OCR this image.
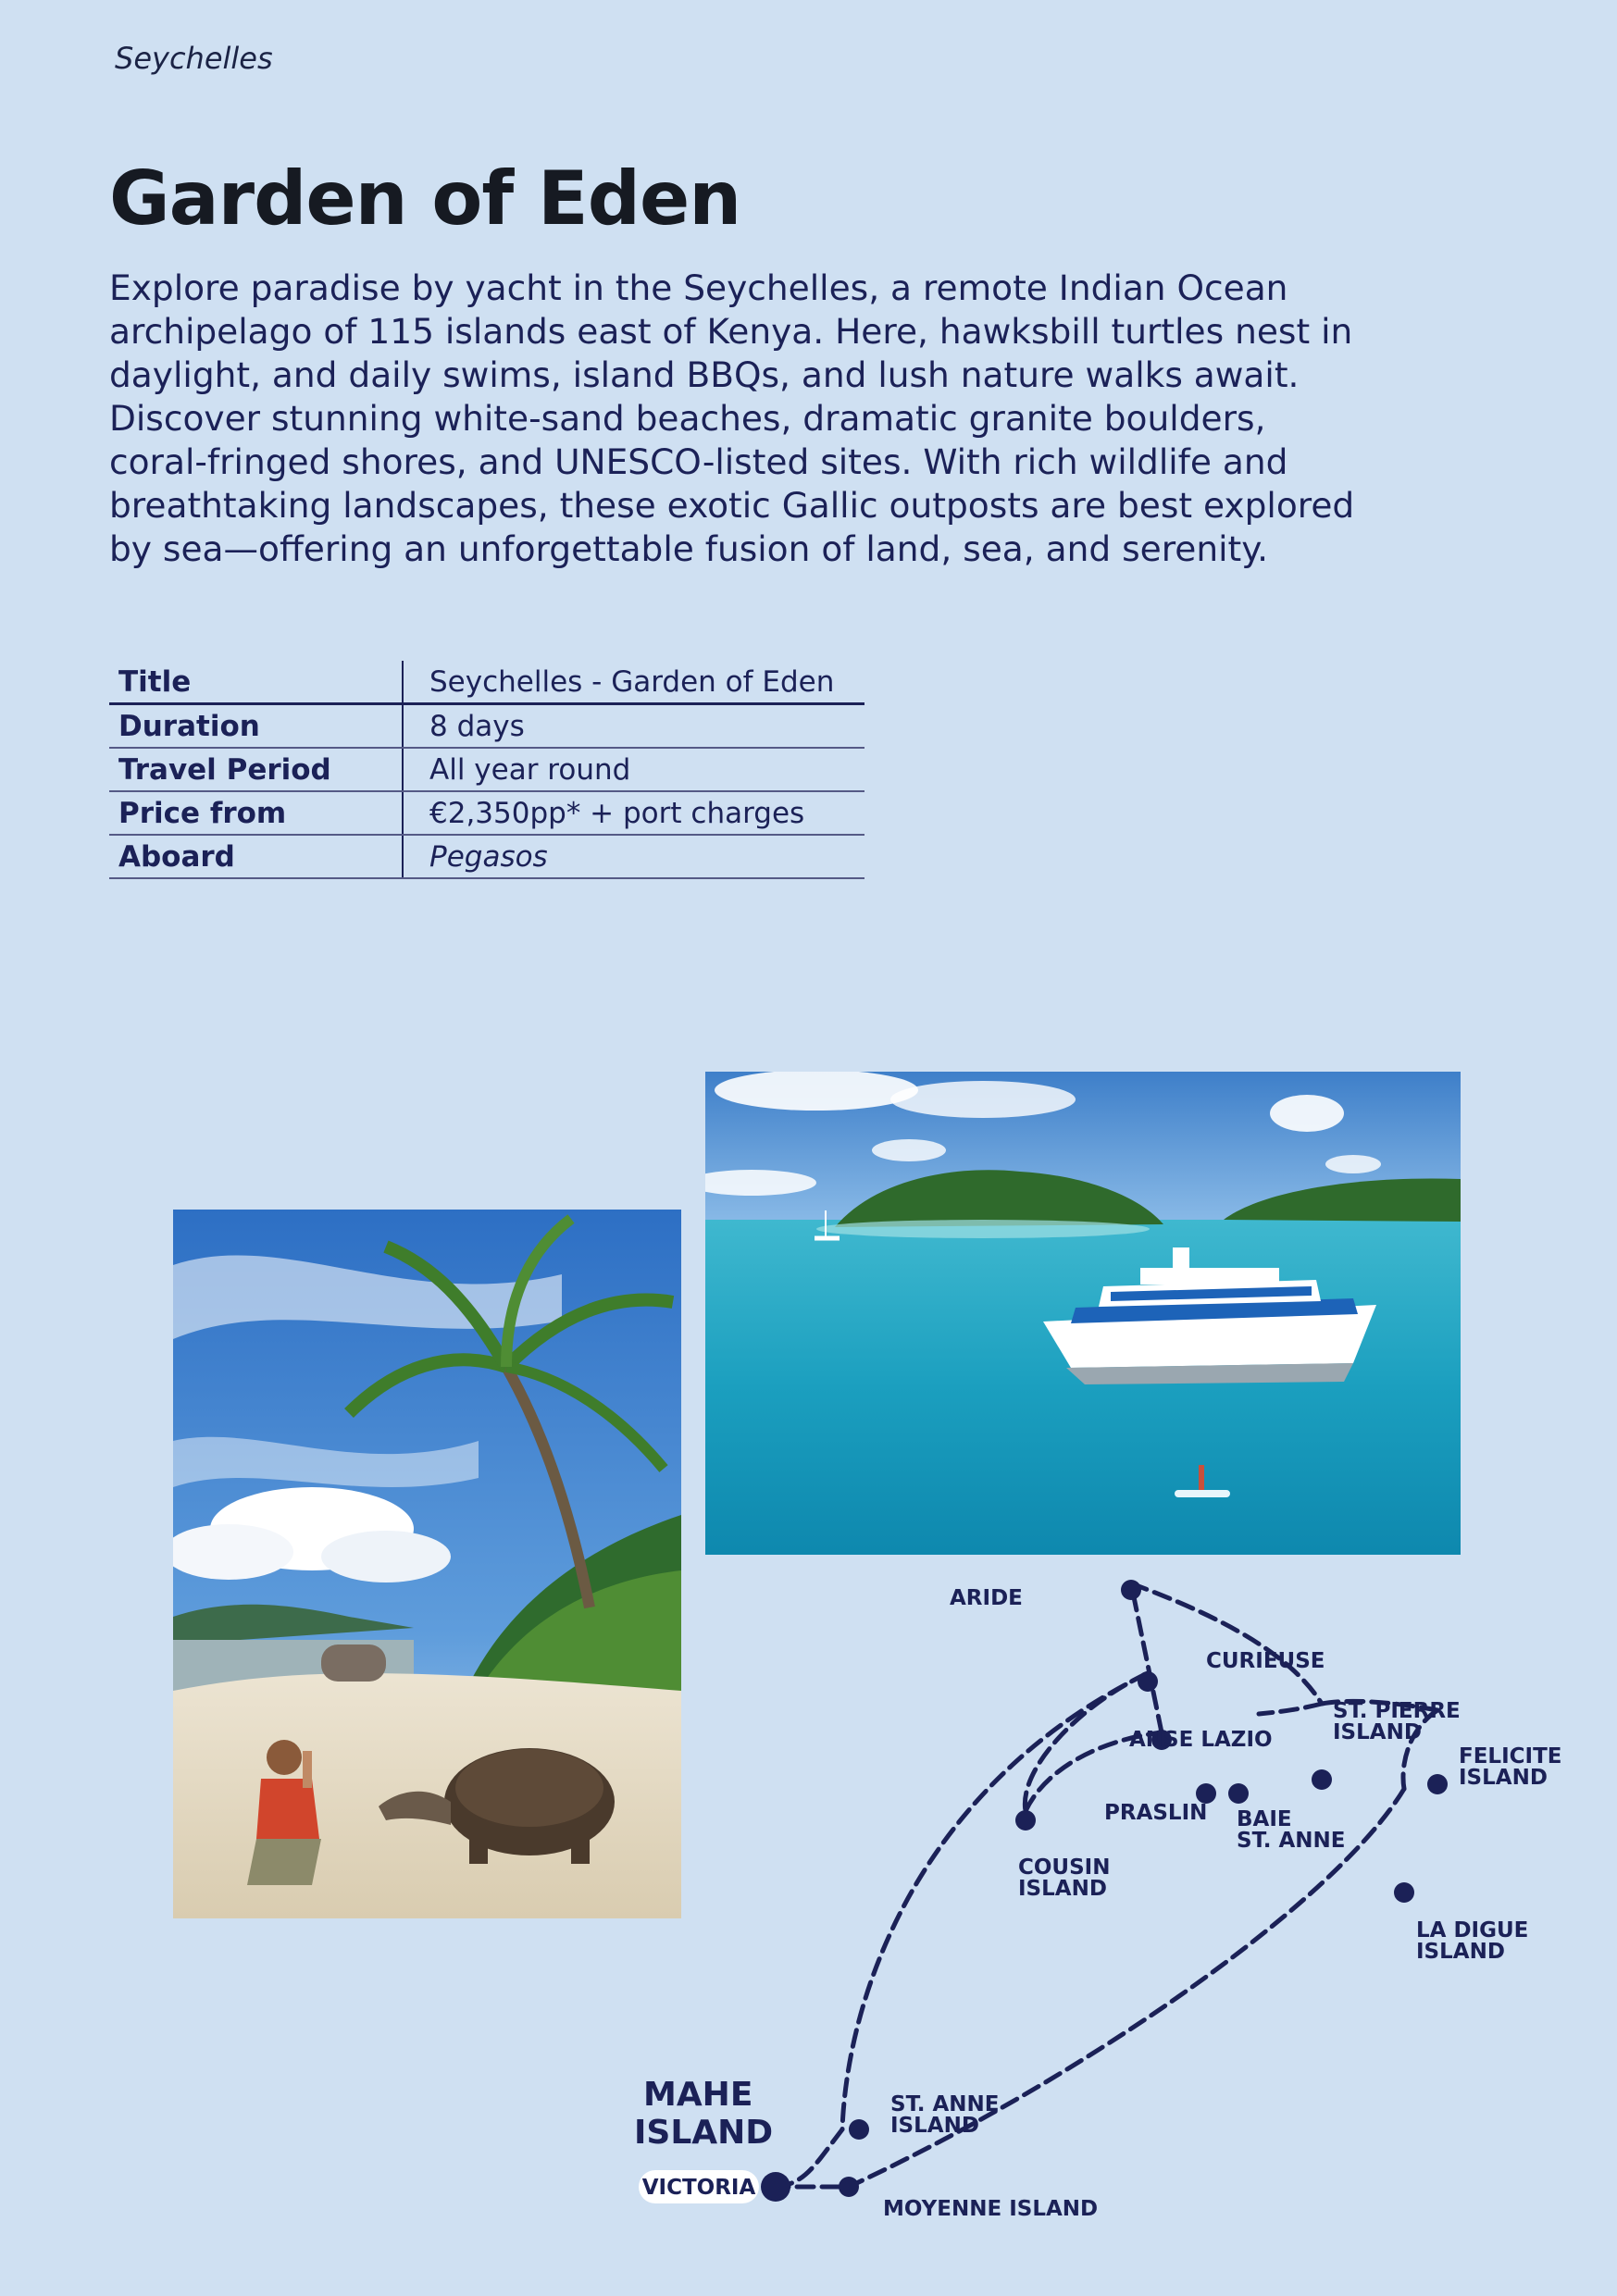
Seychelles
Garden of Eden

Explore paradise by yacht in the Seychelles, a remote Indian Ocean archipelago of 115 islands east of Kenya. Here, hawksbill turtles nest in daylight, and daily swims, island BBQs, and lush nature walks await. Discover stunning white-sand beaches, dramatic granite boulders, coral-fringed shores, and UNESCO-listed sites. With rich wildlife and breathtaking landscapes, these exotic Gallic outposts are best explored by sea—offering an unforgettable fusion of land, sea, and serenity.

Title	Seychelles - Garden of Eden
Duration	8 days
Travel Period	All year round
Price from	€2,350pp* + port charges
Aboard	Pegasos
MAHE
ISLAND
VICTORIA
ARIDE
CURIEUSE
ANSE LAZIO
ST. PIERRE
ISLAND
FELICITE
ISLAND
PRASLIN BAIE
ST. ANNE
COUSIN
ISLAND
LA DIGUE
ISLAND
ST. ANNE
ISLAND
MOYENNE ISLAND
